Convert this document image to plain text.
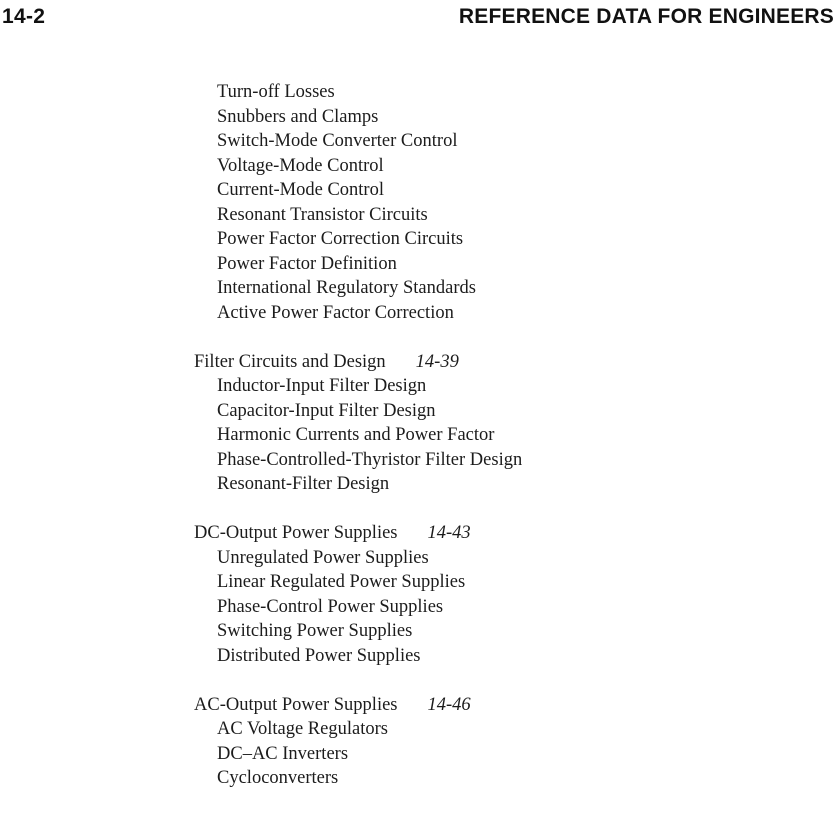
14-2	REFERENCE DATA FOR ENGINEERS
Turn-off Losses
Snubbers and Clamps
Switch-Mode Converter Control
Voltage-Mode Control
Current-Mode Control
Resonant Transistor Circuits
Power Factor Correction Circuits
Power Factor Definition
International Regulatory Standards
Active Power Factor Correction
Filter Circuits and Design 14-39
Inductor-Input Filter Design
Capacitor-Input Filter Design
Harmonic Currents and Power Factor
Phase-Controlled-Thyristor Filter Design
Resonant-Filter Design
DC-Output Power Supplies 14-43
Unregulated Power Supplies
Linear Regulated Power Supplies
Phase-Control Power Supplies
Switching Power Supplies
Distributed Power Supplies
AC-Output Power Supplies 14-46
AC Voltage Regulators
DC–AC Inverters
Cycloconverters
